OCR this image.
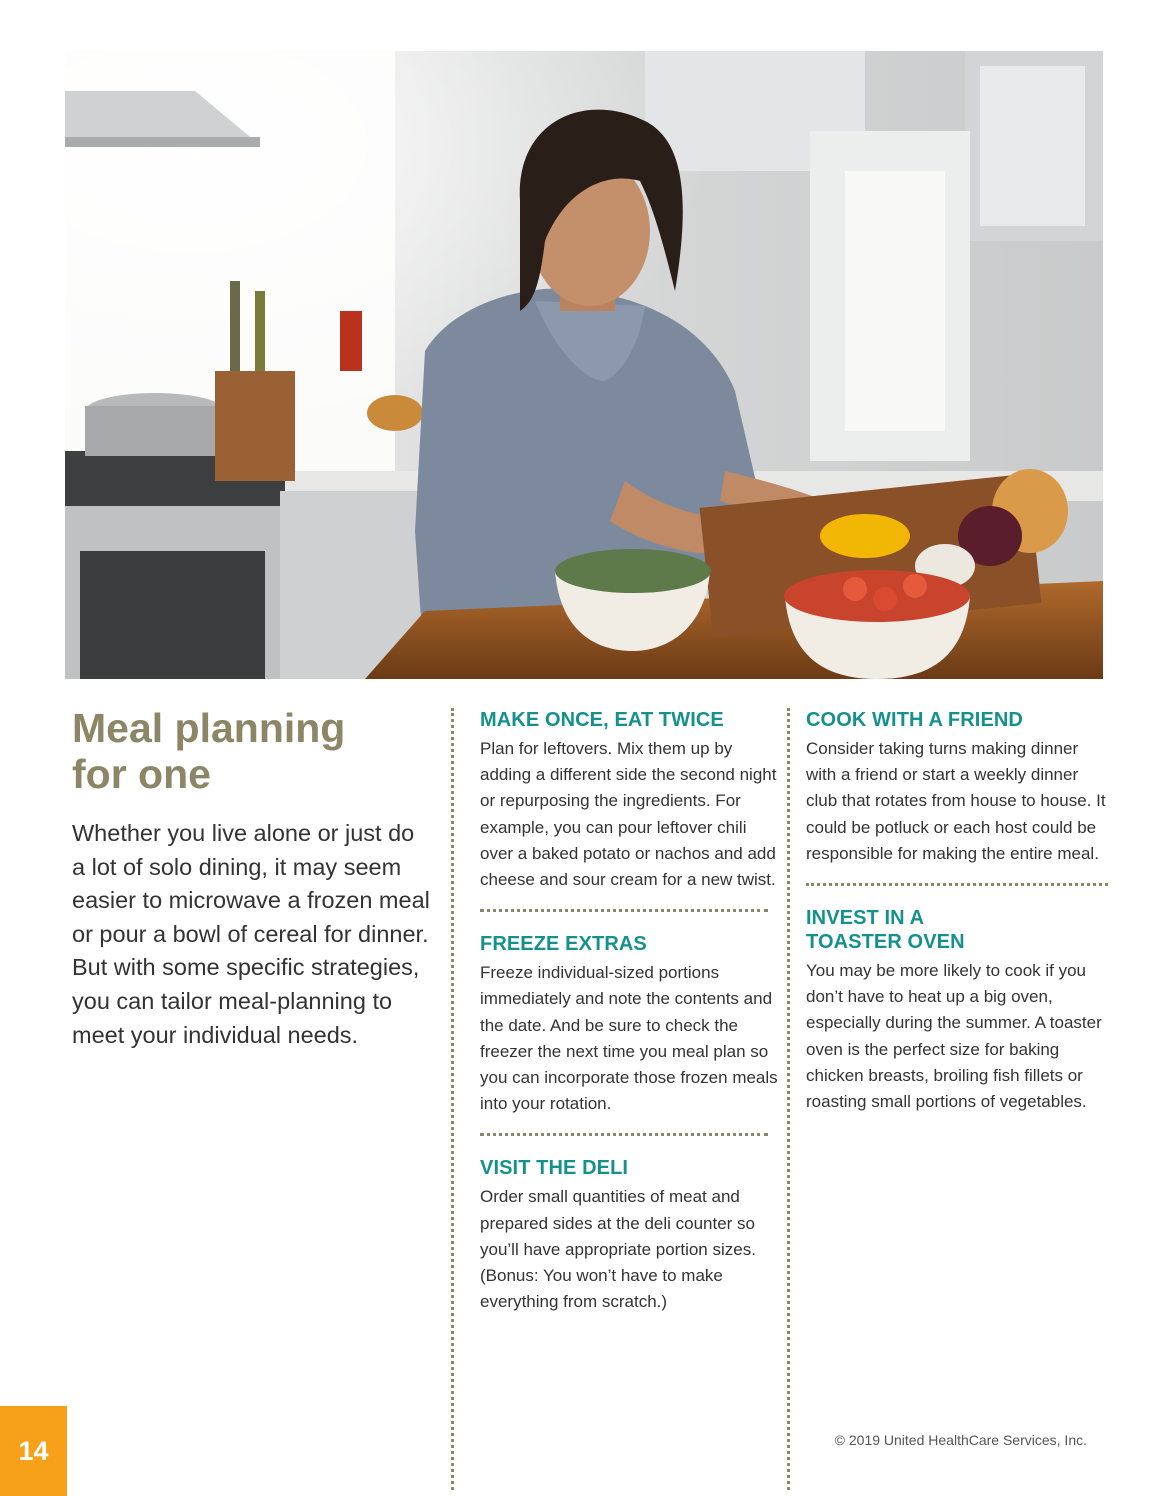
Meal planning
for one

Whether you live alone or just do a lot of solo dining, it may seem easier to microwave a frozen meal or pour a bowl of cereal for dinner. But with some specific strategies, you can tailor meal-planning to meet your individual needs.

MAKE ONCE, EAT TWICE

Plan for leftovers. Mix them up by adding a different side the second night or repurposing the ingredients. For example, you can pour leftover chili over a baked potato or nachos and add cheese and sour cream for a new twist.

FREEZE EXTRAS

Freeze individual-sized portions immediately and note the contents and the date. And be sure to check the freezer the next time you meal plan so you can incorporate those frozen meals into your rotation.

VISIT THE DELI

Order small quantities of meat and prepared sides at the deli counter so you’ll have appropriate portion sizes. (Bonus: You won’t have to make everything from scratch.)

COOK WITH A FRIEND

Consider taking turns making dinner with a friend or start a weekly dinner club that rotates from house to house. It could be potluck or each host could be responsible for making the entire meal.

INVEST IN A
TOASTER OVEN

You may be more likely to cook if you don’t have to heat up a big oven, especially during the summer. A toaster oven is the perfect size for baking chicken breasts, broiling fish fillets or roasting small portions of vegetables.

14	© 2019 United HealthCare Services, Inc.
